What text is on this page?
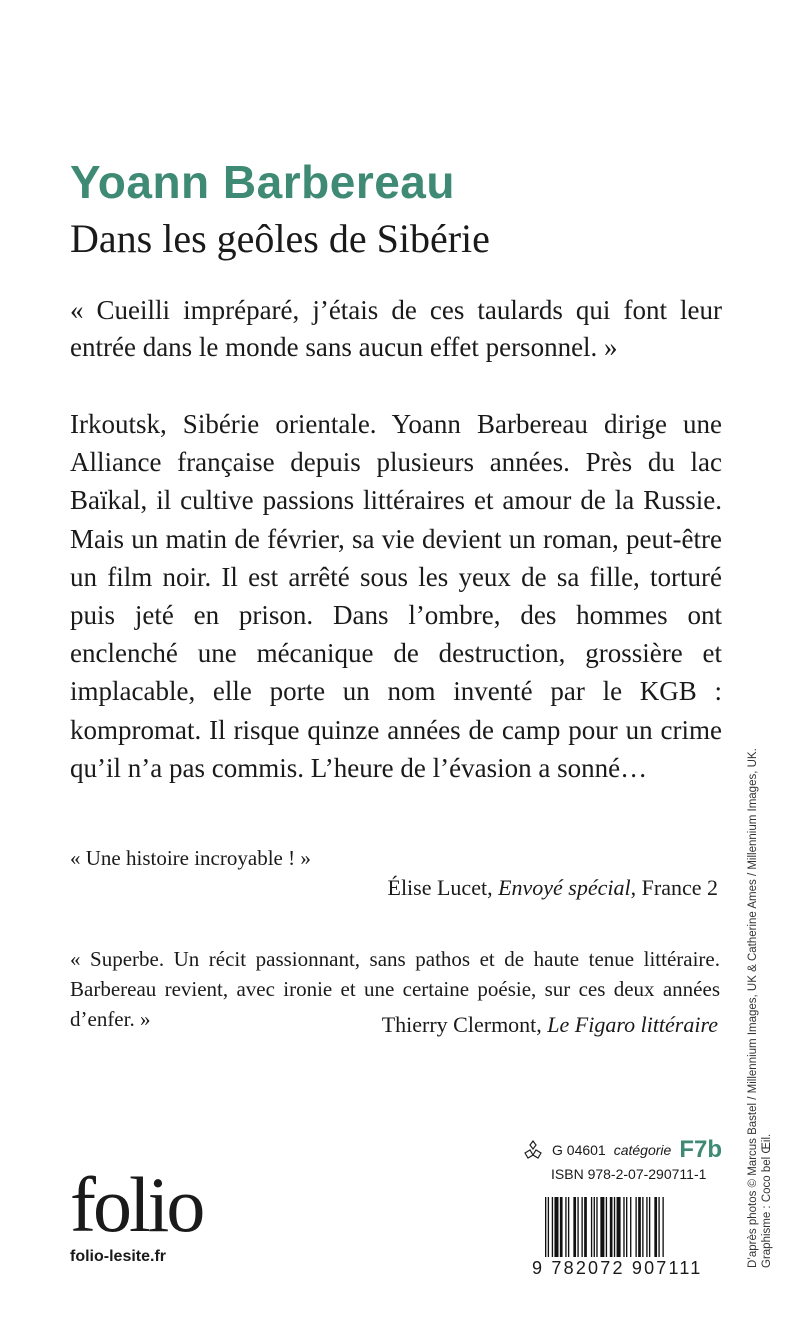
Yoann Barbereau
Dans les geôles de Sibérie

« Cueilli impréparé, j’étais de ces taulards qui font leur entrée dans le monde sans aucun effet personnel. »

Irkoutsk, Sibérie orientale. Yoann Barbereau dirige une Alliance française depuis plusieurs années. Près du lac Baïkal, il cultive passions littéraires et amour de la Russie. Mais un matin de février, sa vie devient un roman, peut-être un film noir. Il est arrêté sous les yeux de sa fille, torturé puis jeté en prison. Dans l’ombre, des hommes ont enclenché une mécanique de destruction, grossière et implacable, elle porte un nom inventé par le KGB : kompromat. Il risque quinze années de camp pour un crime qu’il n’a pas commis. L’heure de l’évasion a sonné…

« Une histoire incroyable ! »

Élise Lucet, Envoyé spécial, France 2

« Superbe. Un récit passionnant, sans pathos et de haute tenue littéraire. Barbereau revient, avec ironie et une certaine poésie, sur ces deux années d’enfer. »	Thierry Clermont, Le Figaro littéraire	D’après photos © Marcus Bastel / Millennium Images, UK & Catherine Ames / Millennium Images, UK. Graphisme : Coco bel Œil.
G 04601 catégorie F7b
ISBN 978-2-07-290711-1
9 782072 907111
folio
folio-lesite.fr
